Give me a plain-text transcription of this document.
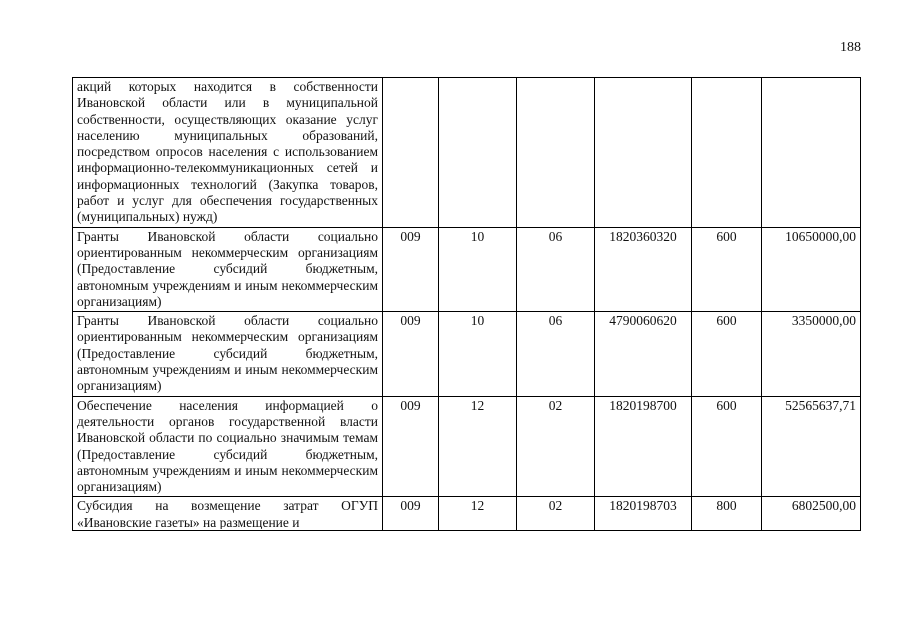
188
акций которых находится в собственности Ивановской области или в муниципальной собственности, осуществляющих оказание услуг населению муниципальных образований, посредством опросов населения с использованием информационно-телекоммуникационных сетей и информационных технологий (Закупка товаров, работ и услуг для обеспечения государственных (муниципальных) нужд)						
Гранты Ивановской области социально ориентированным некоммерческим организациям (Предоставление субсидий бюджетным, автономным учреждениям и иным некоммерческим организациям)	009	10	06	1820360320	600	10650000,00
Гранты Ивановской области социально ориентированным некоммерческим организациям (Предоставление субсидий бюджетным, автономным учреждениям и иным некоммерческим организациям)	009	10	06	4790060620	600	3350000,00
Обеспечение населения информацией о деятельности органов государственной власти Ивановской области по социально значимым темам (Предоставление субсидий бюджетным, автономным учреждениям и иным некоммерческим организациям)	009	12	02	1820198700	600	52565637,71

Субсидия на возмещение затрат ОГУП «Ивановские газеты» на размещение и	009	12	02	1820198703	800	6802500,00
